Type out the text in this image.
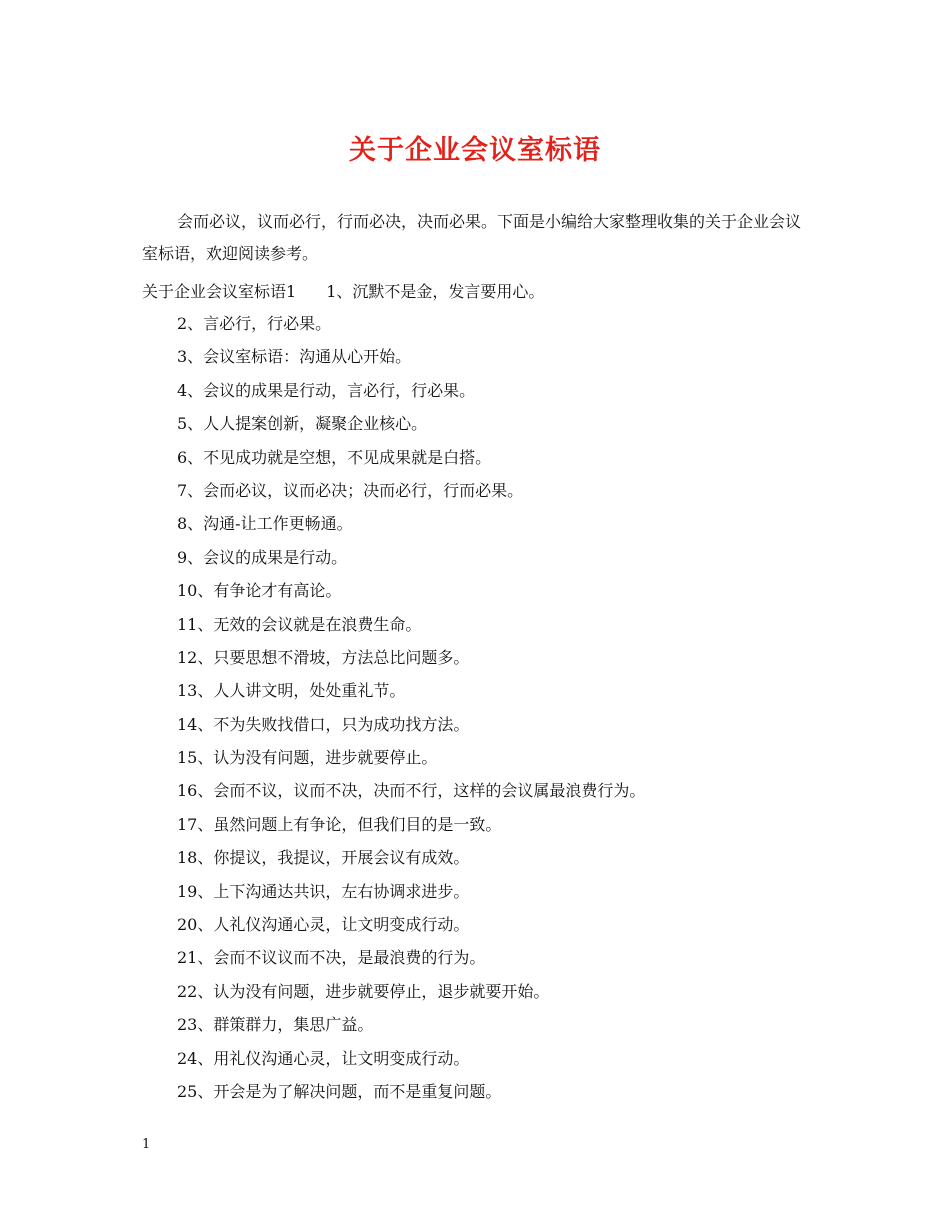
关于企业会议室标语
会而必议，议而必行，行而必决，决而必果。下面是小编给大家整理收集的关于企业会议室标语，欢迎阅读参考。
关于企业会议室标语1 1、沉默不是金，发言要用心。
2、言必行，行必果。
3、会议室标语：沟通从心开始。
4、会议的成果是行动，言必行，行必果。
5、人人提案创新，凝聚企业核心。
6、不见成功就是空想，不见成果就是白搭。
7、会而必议，议而必决；决而必行，行而必果。
8、沟通-让工作更畅通。
9、会议的成果是行动。
10、有争论才有高论。
11、无效的会议就是在浪费生命。
12、只要思想不滑坡，方法总比问题多。
13、人人讲文明，处处重礼节。
14、不为失败找借口，只为成功找方法。
15、认为没有问题，进步就要停止。
16、会而不议，议而不决，决而不行，这样的会议属最浪费行为。
17、虽然问题上有争论，但我们目的是一致。
18、你提议，我提议，开展会议有成效。
19、上下沟通达共识，左右协调求进步。
20、人礼仪沟通心灵，让文明变成行动。
21、会而不议议而不决，是最浪费的行为。
22、认为没有问题，进步就要停止，退步就要开始。
23、群策群力，集思广益。
24、用礼仪沟通心灵，让文明变成行动。
25、开会是为了解决问题，而不是重复问题。
1
